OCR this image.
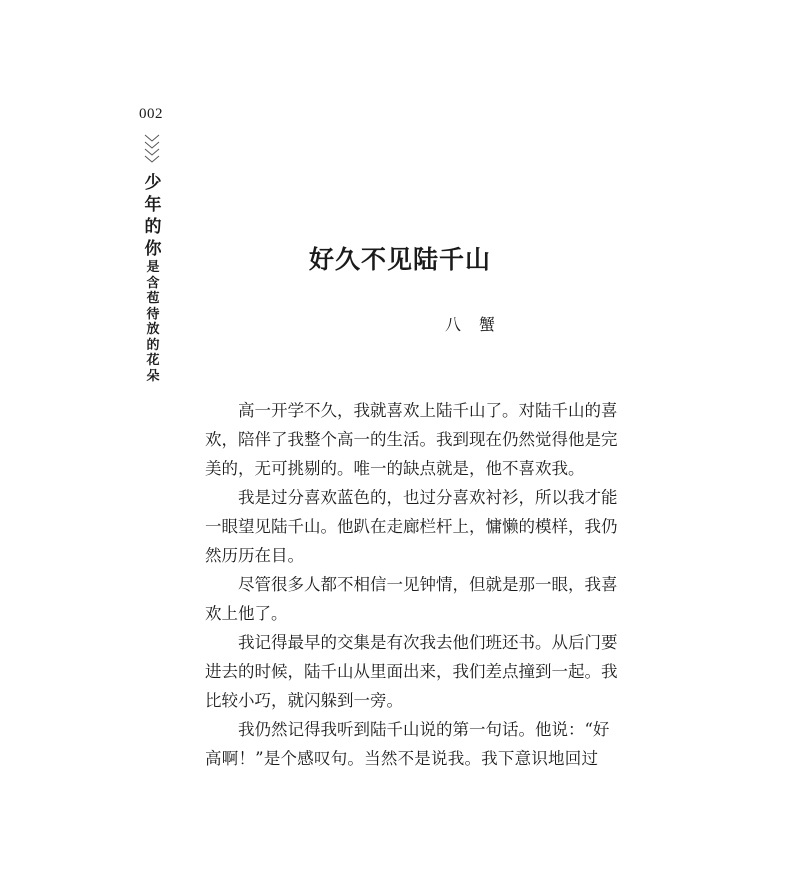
002
少
年
的
你
是
含
苞
待
放
的
花
朵
好久不见陆千山
八蟹

　　高一开学不久，我就喜欢上陆千山了。对陆千山的喜
欢，陪伴了我整个高一的生活。我到现在仍然觉得他是完
美的，无可挑剔的。唯一的缺点就是，他不喜欢我。

　　我是过分喜欢蓝色的，也过分喜欢衬衫，所以我才能
一眼望见陆千山。他趴在走廊栏杆上，慵懒的模样，我仍
然历历在目。

　　尽管很多人都不相信一见钟情，但就是那一眼，我喜
欢上他了。

　　我记得最早的交集是有次我去他们班还书。从后门要
进去的时候，陆千山从里面出来，我们差点撞到一起。我
比较小巧，就闪躲到一旁。

　　我仍然记得我听到陆千山说的第一句话。他说：“好
高啊！”是个感叹句。当然不是说我。我下意识地回过
